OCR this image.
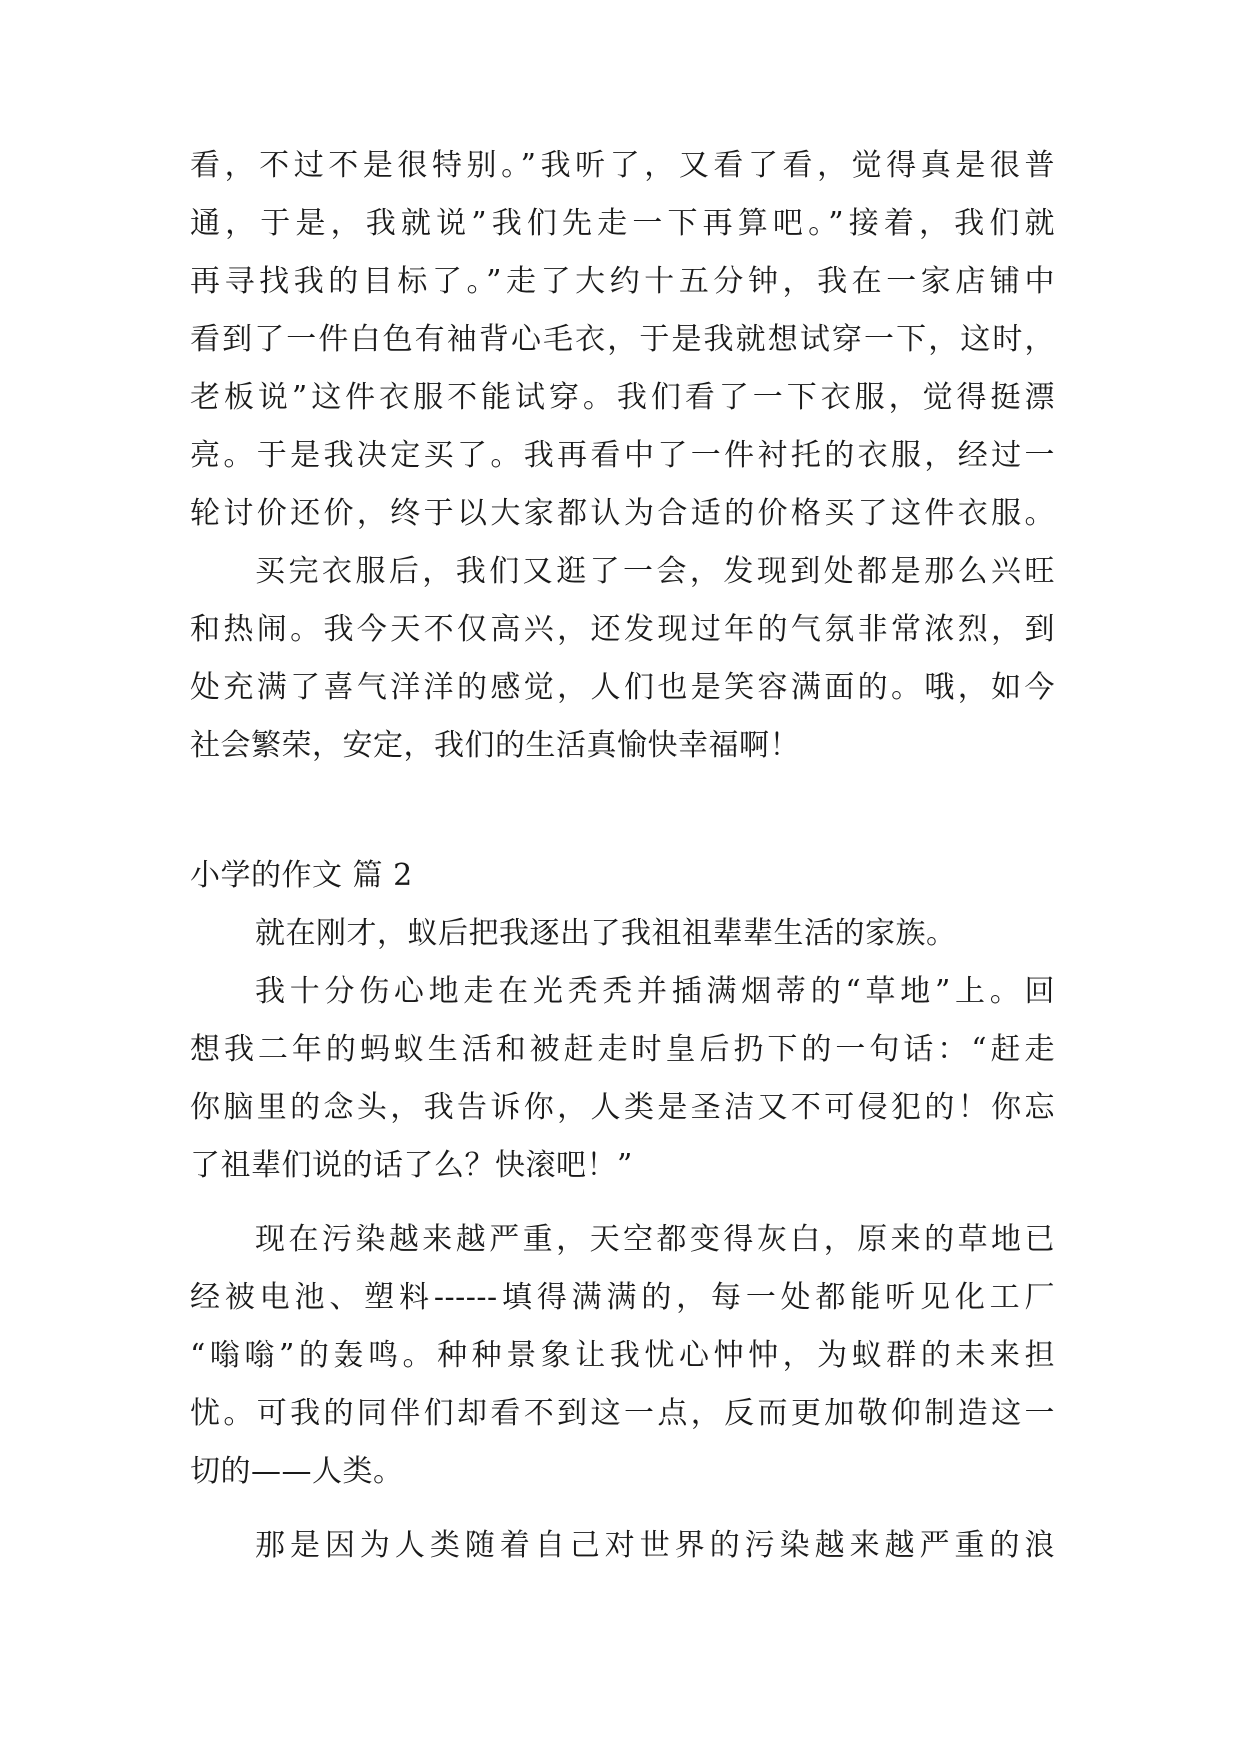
看，不过不是很特别。”我听了，又看了看，觉得真是很普
通，于是，我就说”我们先走一下再算吧。”接着，我们就
再寻找我的目标了。”走了大约十五分钟，我在一家店铺中
看到了一件白色有袖背心毛衣，于是我就想试穿一下，这时，
老板说”这件衣服不能试穿。我们看了一下衣服，觉得挺漂
亮。于是我决定买了。我再看中了一件衬托的衣服，经过一
轮讨价还价，终于以大家都认为合适的价格买了这件衣服。
买完衣服后，我们又逛了一会，发现到处都是那么兴旺
和热闹。我今天不仅高兴，还发现过年的气氛非常浓烈，到
处充满了喜气洋洋的感觉，人们也是笑容满面的。哦，如今
社会繁荣，安定，我们的生活真愉快幸福啊！
小学的作文 篇 2
就在刚才，蚁后把我逐出了我祖祖辈辈生活的家族。
我十分伤心地走在光秃秃并插满烟蒂的“草地”上。回
想我二年的蚂蚁生活和被赶走时皇后扔下的一句话：“赶走
你脑里的念头，我告诉你，人类是圣洁又不可侵犯的！你忘
了祖辈们说的话了么？快滚吧！”
现在污染越来越严重，天空都变得灰白，原来的草地已
经被电池、塑料------填得满满的，每一处都能听见化工厂
“嗡嗡”的轰鸣。种种景象让我忧心忡忡，为蚁群的未来担
忧。可我的同伴们却看不到这一点，反而更加敬仰制造这一
切的——人类。
那是因为人类随着自己对世界的污染越来越严重的浪
